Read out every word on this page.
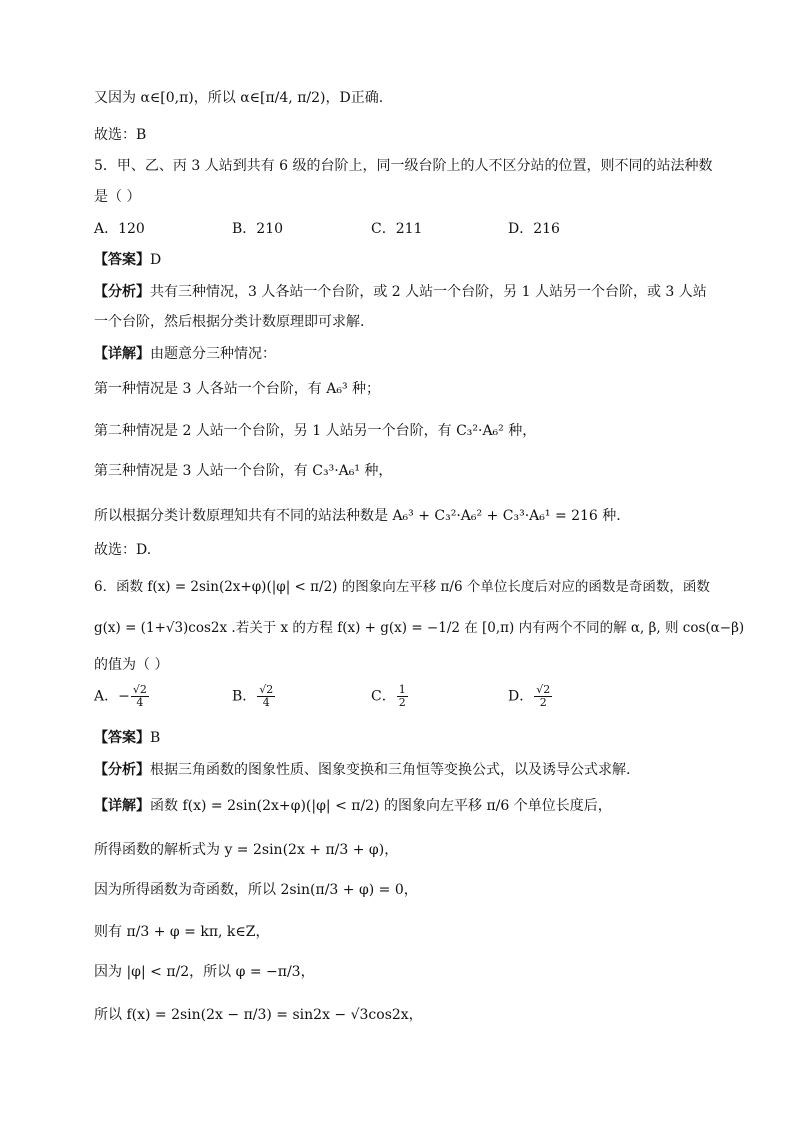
又因为 α∈[0,π)，所以 α∈[π/4, π/2)，D正确.
故选：B
5．甲、乙、丙 3 人站到共有 6 级的台阶上，同一级台阶上的人不区分站的位置，则不同的站法种数
是（ ）
A．120	B．210	C．211	D．216
【答案】D
【分析】共有三种情况，3 人各站一个台阶，或 2 人站一个台阶，另 1 人站另一个台阶，或 3 人站
一个台阶，然后根据分类计数原理即可求解.
【详解】由题意分三种情况：
第一种情况是 3 人各站一个台阶，有 A₆³ 种；
第二种情况是 2 人站一个台阶，另 1 人站另一个台阶，有 C₃²·A₆² 种，
第三种情况是 3 人站一个台阶，有 C₃³·A₆¹ 种，
所以根据分类计数原理知共有不同的站法种数是 A₆³ + C₃²·A₆² + C₃³·A₆¹ = 216 种.
故选：D.
6．函数 f(x) = 2sin(2x+φ)(|φ| < π/2) 的图象向左平移 π/6 个单位长度后对应的函数是奇函数，函数
g(x) = (1+√3)cos2x .若关于 x 的方程 f(x) + g(x) = −1/2 在 [0,π) 内有两个不同的解 α, β, 则 cos(α−β)
的值为（ ）
A．− $\frac{√2}{4}$	B． $\frac{√2}{4}$	C． $\frac{1}{2}$	D． $\frac{√2}{2}$
【答案】B
【分析】根据三角函数的图象性质、图象变换和三角恒等变换公式，以及诱导公式求解.
【详解】函数 f(x) = 2sin(2x+φ)(|φ| < π/2) 的图象向左平移 π/6 个单位长度后，
所得函数的解析式为 y = 2sin(2x + π/3 + φ)，
因为所得函数为奇函数，所以 2sin(π/3 + φ) = 0，
则有 π/3 + φ = kπ, k∈Z，
因为 |φ| < π/2，所以 φ = −π/3，
所以 f(x) = 2sin(2x − π/3) = sin2x − √3cos2x，
